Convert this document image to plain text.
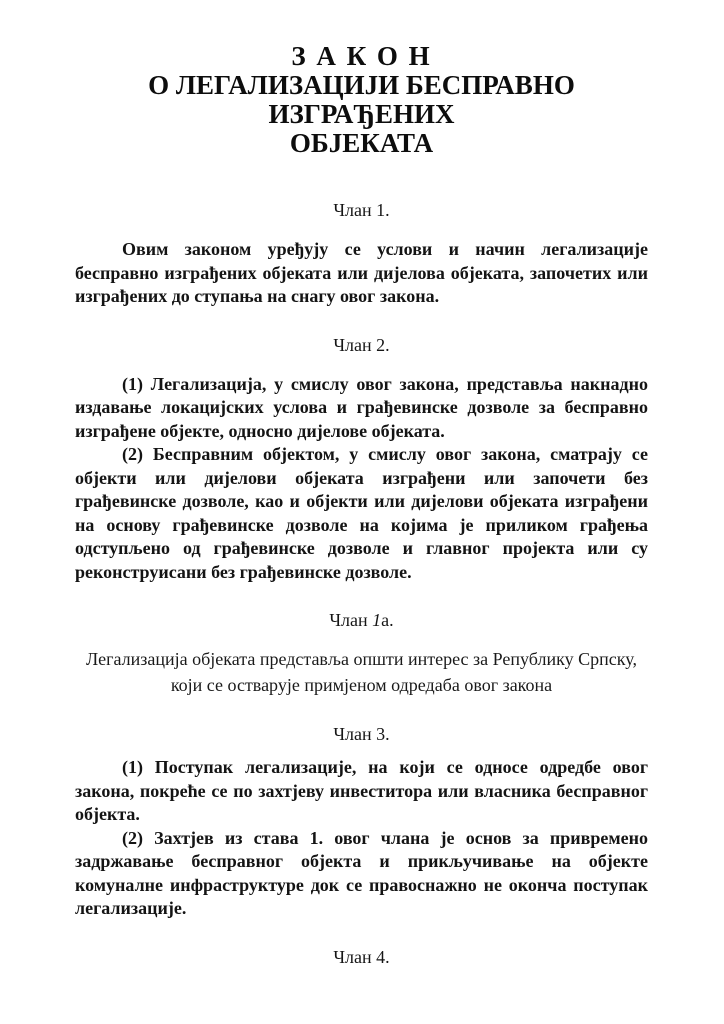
З А К О Н
О ЛЕГАЛИЗАЦИЈИ БЕСПРАВНО ИЗГРАЂЕНИХ
ОБЈЕКАТА
Члан 1.

Овим законом уређују се услови и начин легализације бесправно изграђених објеката или дијелова објеката, започетих или изграђених до ступања на снагу овог закона.

Члан 2.

(1) Легализација, у смислу овог закона, представља накнадно издавање локацијских услова и грађевинске дозволе за бесправно изграђене објекте, односно дијелове објеката.

(2) Бесправним објектом, у смислу овог закона, сматрају се објекти или дијелови објеката изграђени или започети без грађевинске дозволе, као и објекти или дијелови објеката изграђени на основу грађевинске дозволе на којима је приликом грађења одступљено од грађевинске дозволе и главног пројекта или су реконструисани без грађевинске дозволе.

Члан 1а.

Легализација објеката представља општи интерес за Републику Српску, који се остварује примјеном одредаба овог закона

Члан 3.

(1) Поступак легализације, на који се односе одредбе овог закона, покреће се по захтјеву инвеститора или власника бесправног објекта.

(2) Захтјев из става 1. овог члана је основ за привремено задржавање бесправног објекта и прикључивање на објекте комуналне инфраструктуре док се правоснажно не оконча поступак легализације.

Члан 4.
